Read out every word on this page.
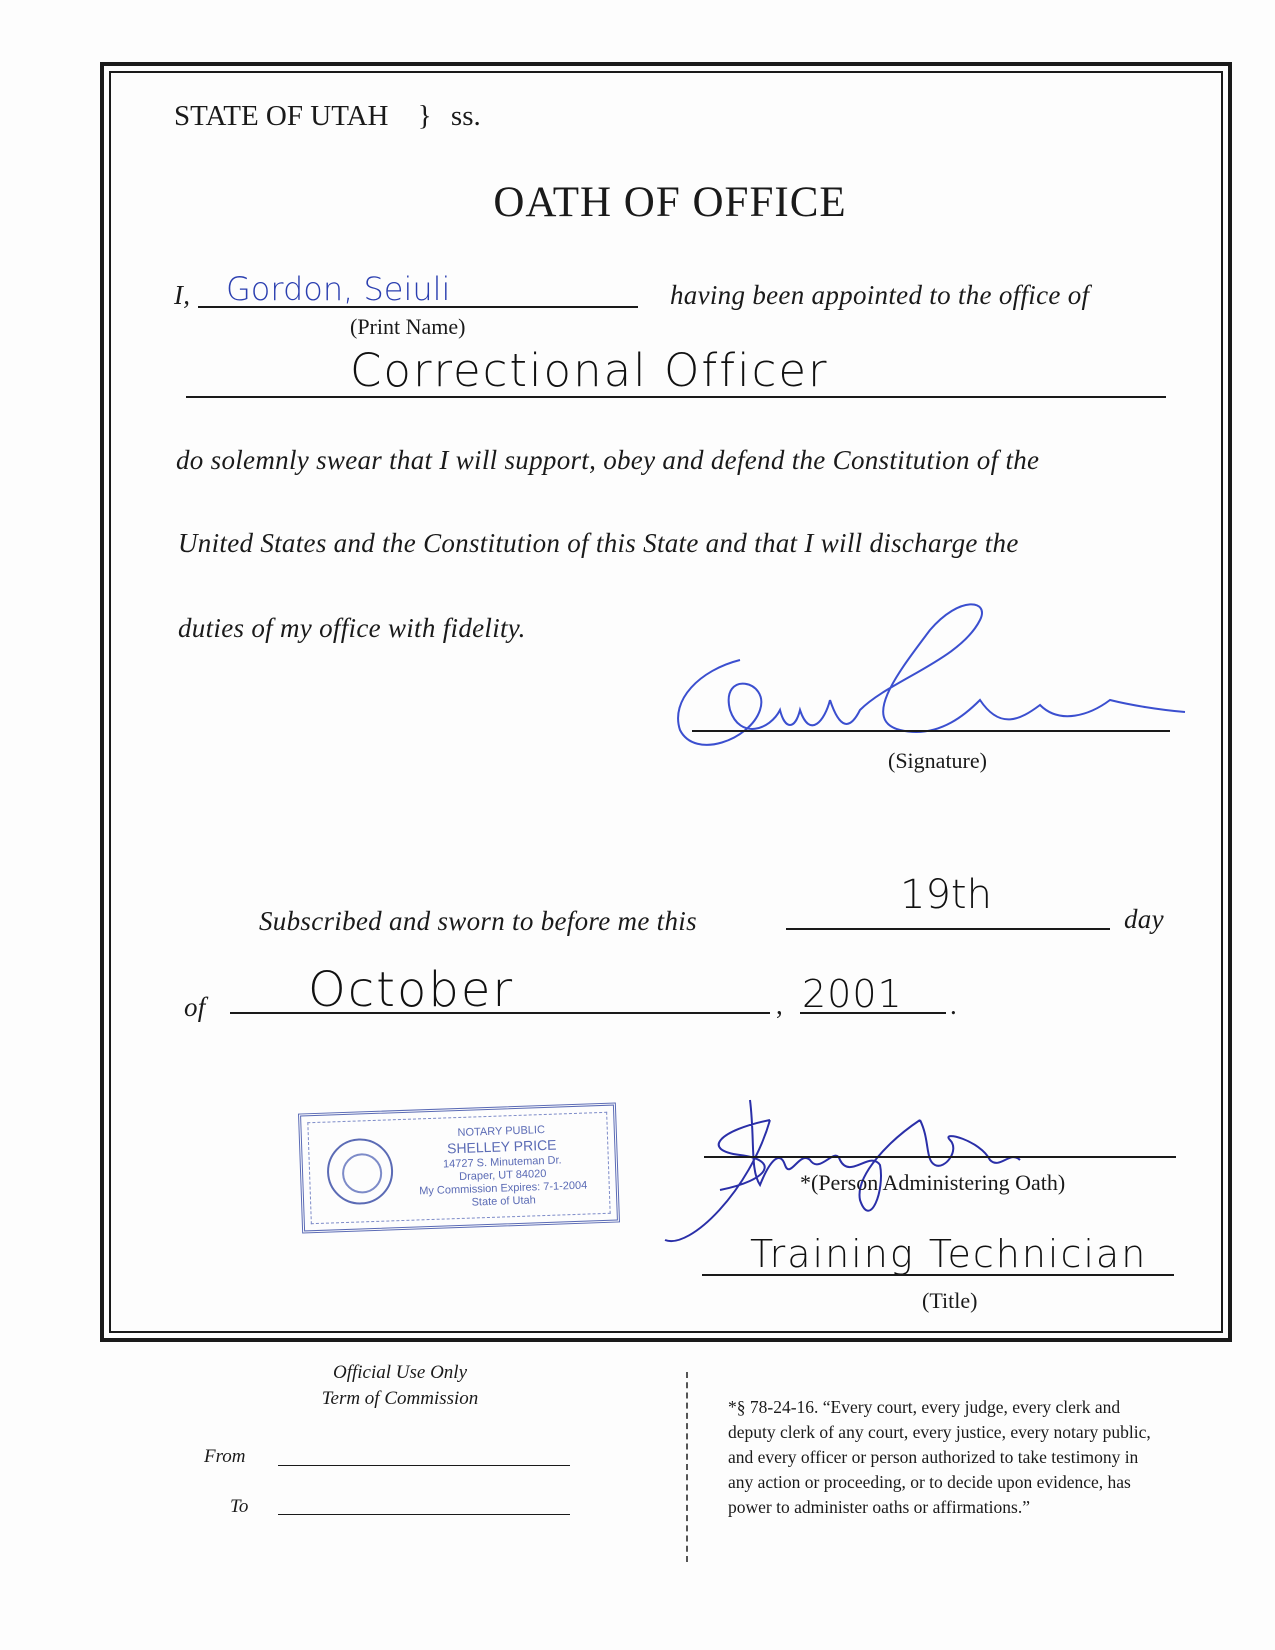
STATE OF UTAH } ss.
OATH OF OFFICE
I, Gordon, Seiuli
(Print Name)
having been appointed to the office of
Correctional Officer
do solemnly swear that I will support, obey and defend the Constitution of the
United States and the Constitution of this State and that I will discharge the
duties of my office with fidelity.
(Signature)
Subscribed and sworn to before me this
19th
day
of October	, 2001 .
NOTARY PUBLIC
SHELLEY PRICE
14727 S. Minuteman Dr.
Draper, UT 84020
My Commission Expires: 7-1-2004
State of Utah
*(Person Administering Oath)
Training Technician
(Title)
Official Use Only
Term of Commission
From
To
*§ 78-24-16. “Every court, every judge, every clerk and
deputy clerk of any court, every justice, every notary public,
and every officer or person authorized to take testimony in
any action or proceeding, or to decide upon evidence, has
power to administer oaths or affirmations.”
